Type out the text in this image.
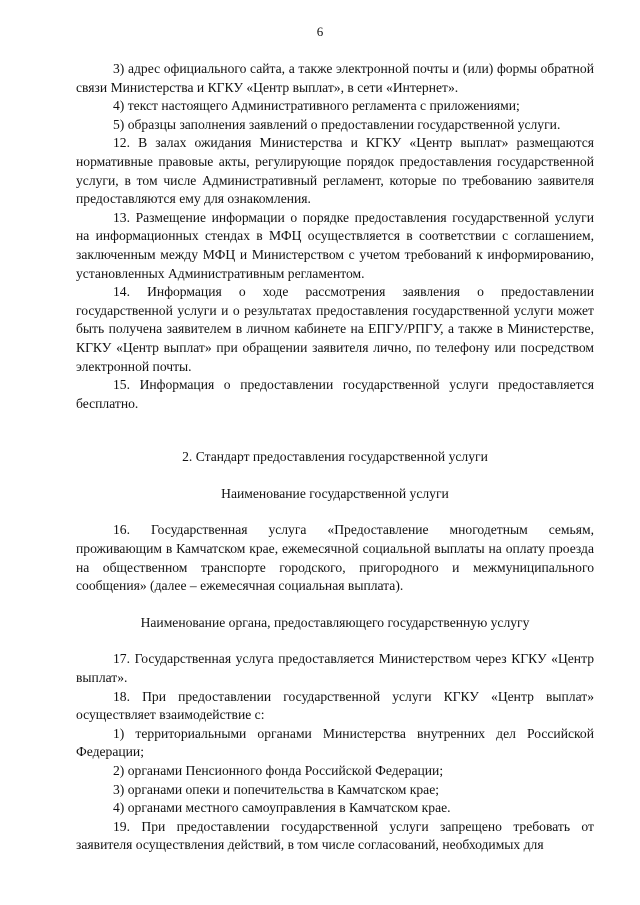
6

3) адрес официального сайта, а также электронной почты и (или) формы обратной связи Министерства и КГКУ «Центр выплат», в сети «Интернет».

4) текст настоящего Административного регламента с приложениями;

5) образцы заполнения заявлений о предоставлении государственной услуги.

12. В залах ожидания Министерства и КГКУ «Центр выплат» размещаются нормативные правовые акты, регулирующие порядок предоставления государственной услуги, в том числе Административный регламент, которые по требованию заявителя предоставляются ему для ознакомления.

13. Размещение информации о порядке предоставления государственной услуги на информационных стендах в МФЦ осуществляется в соответствии с соглашением, заключенным между МФЦ и Министерством с учетом требований к информированию, установленных Административным регламентом.

14. Информация о ходе рассмотрения заявления о предоставлении государственной услуги и о результатах предоставления государственной услуги может быть получена заявителем в личном кабинете на ЕПГУ/РПГУ, а также в Министерстве, КГКУ «Центр выплат» при обращении заявителя лично, по телефону или посредством электронной почты.

15. Информация о предоставлении государственной услуги предоставляется бесплатно.

2. Стандарт предоставления государственной услуги

Наименование государственной услуги

16. Государственная услуга «Предоставление многодетным семьям, проживающим в Камчатском крае, ежемесячной социальной выплаты на оплату проезда на общественном транспорте городского, пригородного и межмуниципального сообщения» (далее – ежемесячная социальная выплата).

Наименование органа, предоставляющего государственную услугу

17. Государственная услуга предоставляется Министерством через КГКУ «Центр выплат».

18. При предоставлении государственной услуги КГКУ «Центр выплат» осуществляет взаимодействие с:

1) территориальными органами Министерства внутренних дел Российской Федерации;

2) органами Пенсионного фонда Российской Федерации;

3) органами опеки и попечительства в Камчатском крае;

4) органами местного самоуправления в Камчатском крае.

19. При предоставлении государственной услуги запрещено требовать от заявителя осуществления действий, в том числе согласований, необходимых для
